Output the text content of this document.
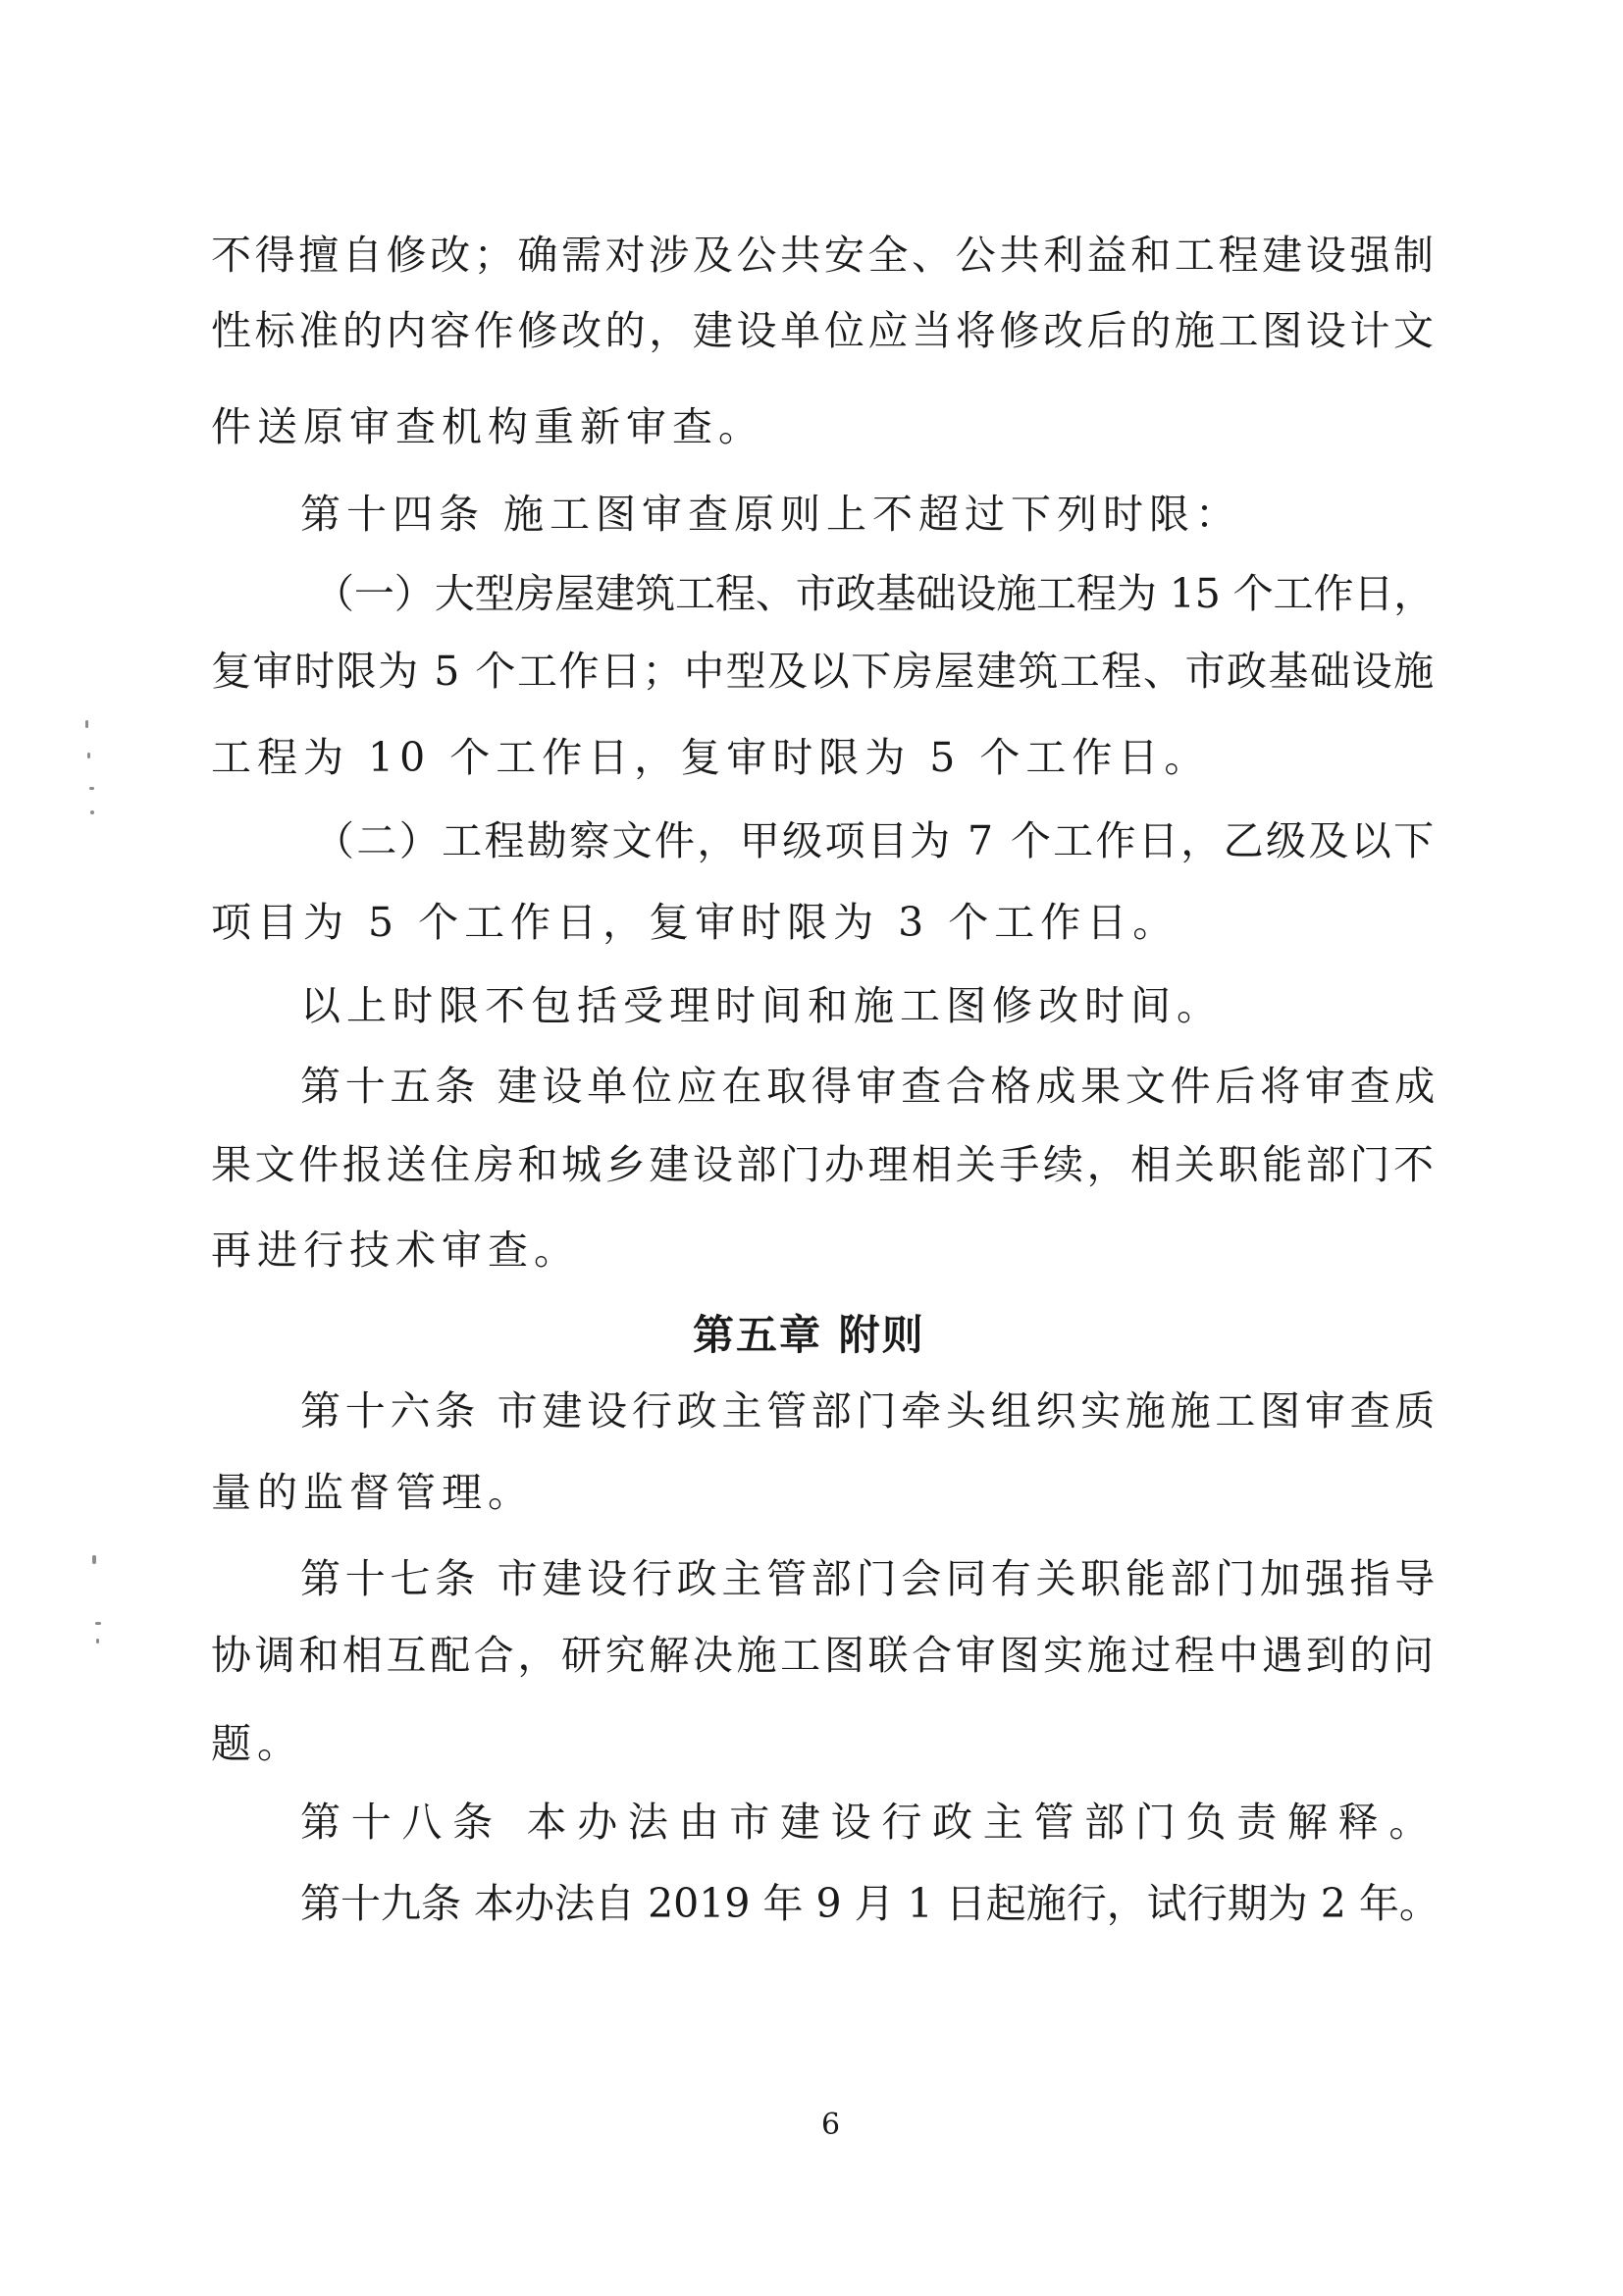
不得擅自修改；确需对涉及公共安全、公共利益和工程建设强制
性标准的内容作修改的，建设单位应当将修改后的施工图设计文
件送原审查机构重新审查。
第十四条 施工图审查原则上不超过下列时限：
（一）大型房屋建筑工程、市政基础设施工程为 15 个工作日，
复审时限为 5 个工作日；中型及以下房屋建筑工程、市政基础设施
工程为 10 个工作日，复审时限为 5 个工作日。
（二）工程勘察文件，甲级项目为 7 个工作日，乙级及以下
项目为 5 个工作日，复审时限为 3 个工作日。
以上时限不包括受理时间和施工图修改时间。
第十五条 建设单位应在取得审查合格成果文件后将审查成
果文件报送住房和城乡建设部门办理相关手续，相关职能部门不
再进行技术审查。
第五章 附则
第十六条 市建设行政主管部门牵头组织实施施工图审查质
量的监督管理。
第十七条 市建设行政主管部门会同有关职能部门加强指导
协调和相互配合，研究解决施工图联合审图实施过程中遇到的问
题。
第十八条 本办法由市建设行政主管部门负责解释。
第十九条 本办法自 2019 年 9 月 1 日起施行，试行期为 2 年。
6
